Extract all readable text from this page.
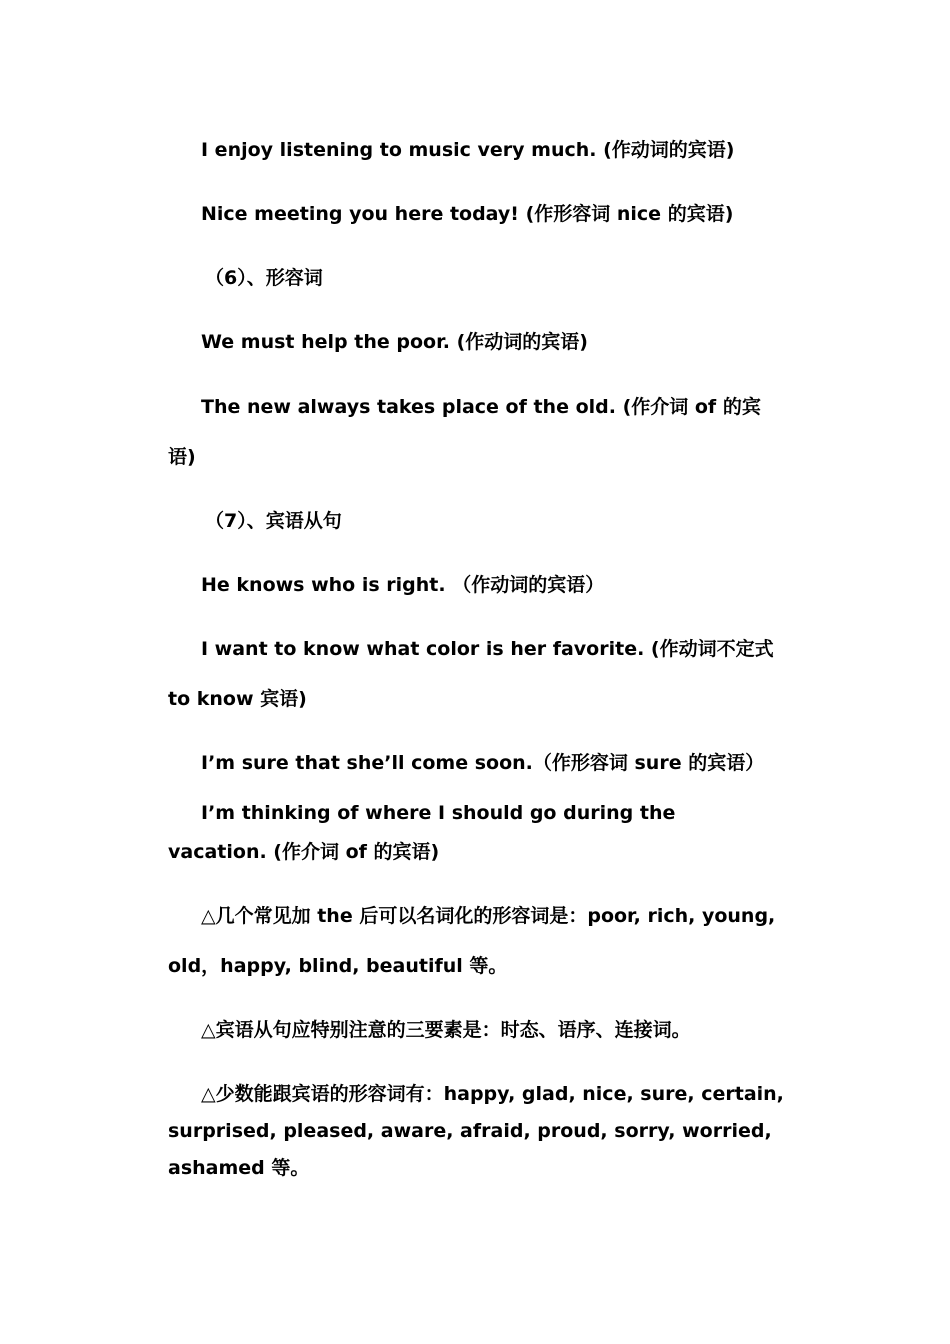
I enjoy listening to music very much. (作动词的宾语)
Nice meeting you here today! (作形容词 nice 的宾语)
（6）、形容词
We must help the poor. (作动词的宾语)
The new always takes place of the old. (作介词 of 的宾
语)
（7）、宾语从句
He knows who is right. （作动词的宾语）
I want to know what color is her favorite. (作动词不定式
to know 宾语)
I’m sure that she’ll come soon.（作形容词 sure 的宾语）
I’m thinking of where I should go during the
vacation. (作介词 of 的宾语)
△几个常见加 the 后可以名词化的形容词是：poor, rich, young,
old，happy, blind, beautiful 等。
△宾语从句应特别注意的三要素是：时态、语序、连接词。
△少数能跟宾语的形容词有：happy, glad, nice, sure, certain,
surprised, pleased, aware, afraid, proud, sorry, worried,
ashamed 等。
